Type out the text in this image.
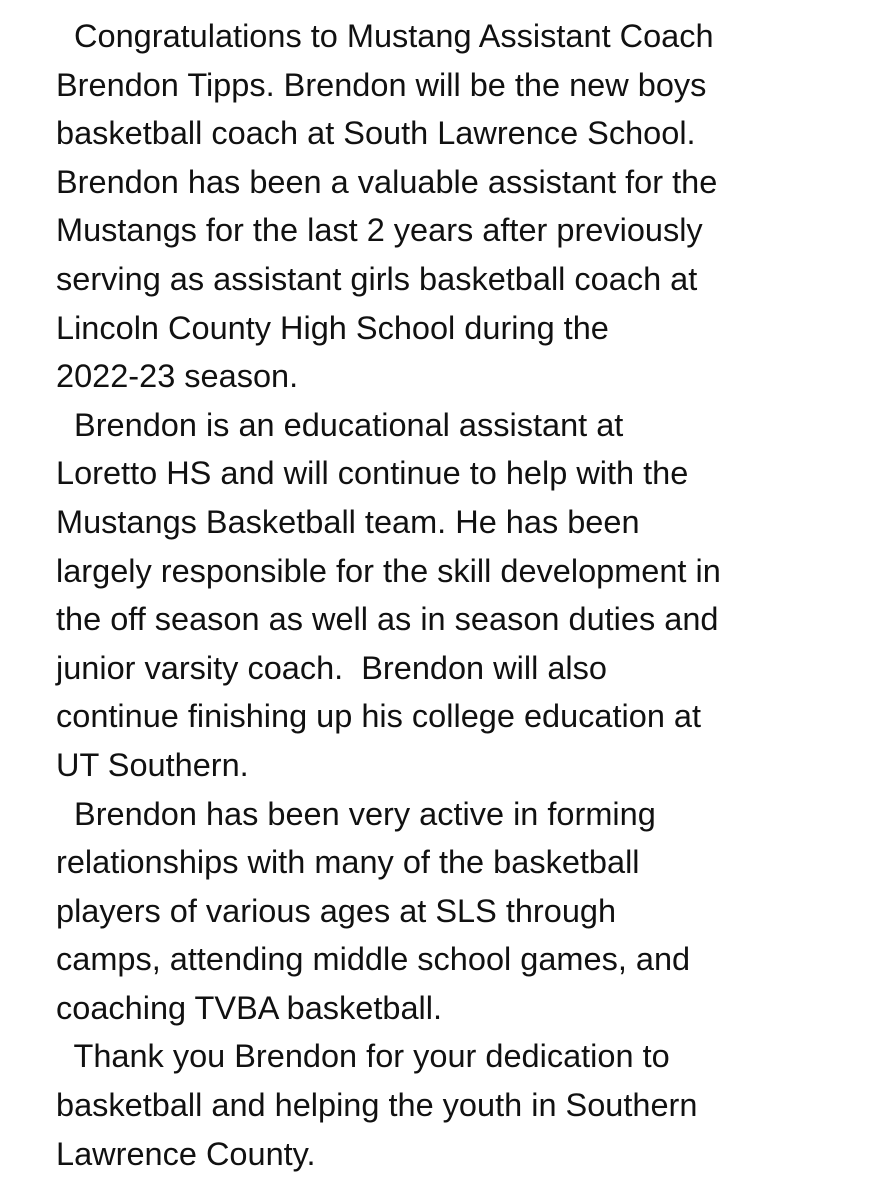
Congratulations to Mustang Assistant Coach
Brendon Tipps. Brendon will be the new boys
basketball coach at South Lawrence School.
Brendon has been a valuable assistant for the
Mustangs for the last 2 years after previously
serving as assistant girls basketball coach at
Lincoln County High School during the
2022-23 season.
Brendon is an educational assistant at
Loretto HS and will continue to help with the
Mustangs Basketball team. He has been
largely responsible for the skill development in
the off season as well as in season duties and
junior varsity coach.  Brendon will also
continue finishing up his college education at
UT Southern.
Brendon has been very active in forming
relationships with many of the basketball
players of various ages at SLS through
camps, attending middle school games, and
coaching TVBA basketball.
Thank you Brendon for your dedication to
basketball and helping the youth in Southern
Lawrence County.
